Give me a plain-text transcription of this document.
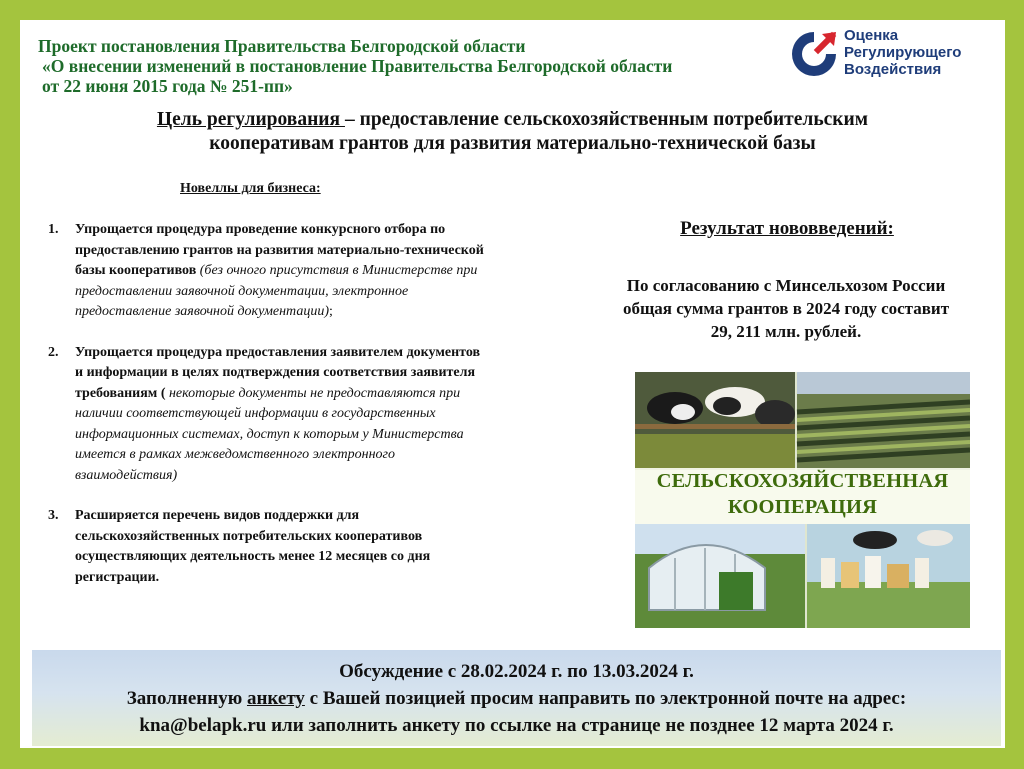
Проект постановления Правительства Белгородской области
«О внесении изменений в постановление Правительства Белгородской области
от 22 июня 2015 года № 251-пп»
Оценка
Регулирующего
Воздействия
Цель регулирования – предоставление сельскохозяйственным потребительским
кооперативам грантов для развития материально-технической базы
Новеллы для бизнеса:
1. Упрощается процедура проведение конкурсного отбора по предоставлению грантов на развития материально-технической базы кооперативов (без очного присутствия в Министерстве при предоставлении заявочной документации, электронное предоставление заявочной документации);
2. Упрощается процедура предоставления заявителем документов и информации в целях подтверждения соответствия заявителя требованиям ( некоторые документы не предоставляются при наличии соответствующей информации в государственных информационных системах, доступ к которым у Министерства имеется в рамках межведомственного электронного взаимодействия)
3. Расширяется перечень видов поддержки для сельскохозяйственных потребительских кооперативов осуществляющих деятельность менее 12 месяцев со дня регистрации.
Результат нововведений:
По согласованию с Минсельхозом России общая сумма грантов в 2024 году составит 29, 211 млн. рублей.
СЕЛЬСКОХОЗЯЙСТВЕННАЯ
КООПЕРАЦИЯ
Обсуждение с 28.02.2024 г. по 13.03.2024 г.
Заполненную анкету с Вашей позицией просим направить по электронной почте на адрес:
kna@belapk.ru или заполнить анкету по ссылке на странице не позднее 12 марта 2024 г.
